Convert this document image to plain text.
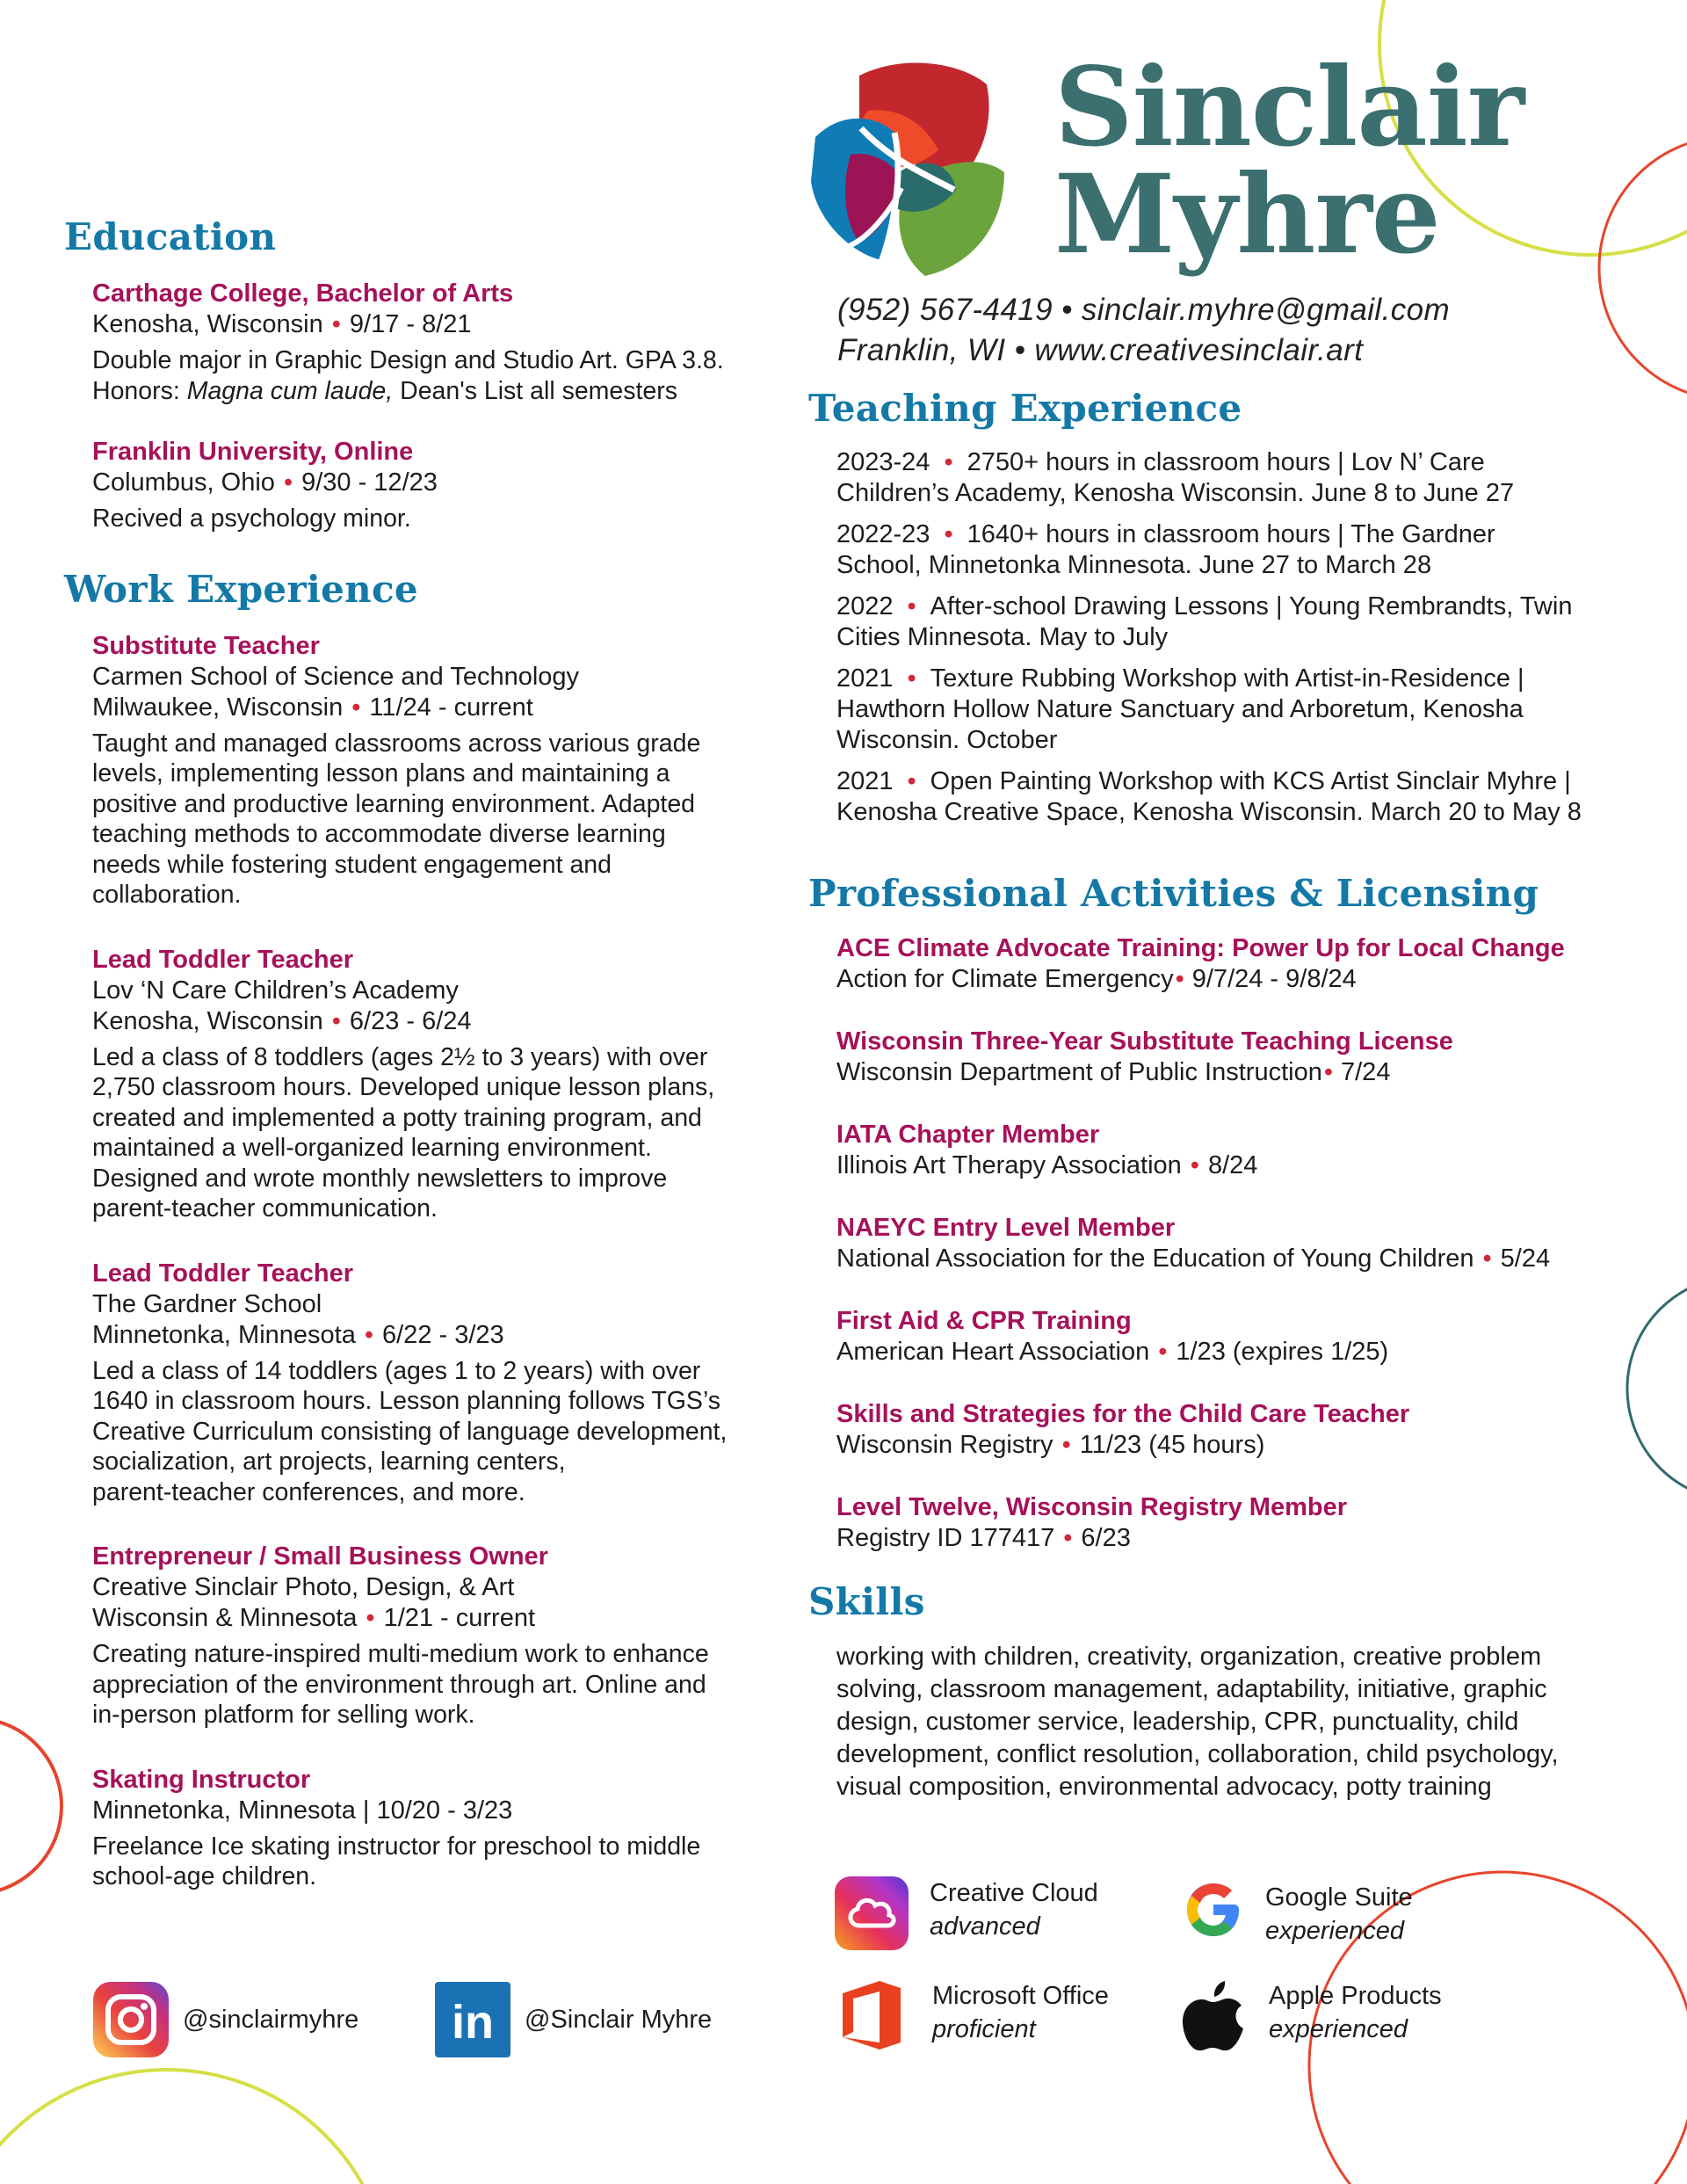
Sinclair
Myhre
(952) 567-4419 • sinclair.myhre@gmail.com
Franklin, WI • www.creativesinclair.art
Education
Carthage College, Bachelor of Arts
Kenosha, Wisconsin • 9/17 - 8/21
Double major in Graphic Design and Studio Art. GPA 3.8.
Honors: Magna cum laude, Dean's List all semesters
Franklin University, Online
Columbus, Ohio • 9/30 - 12/23
Recived a psychology minor.
Work Experience
Substitute Teacher
Carmen School of Science and Technology
Milwaukee, Wisconsin • 11/24 - current
Taught and managed classrooms across various grade
levels, implementing lesson plans and maintaining a
positive and productive learning environment. Adapted
teaching methods to accommodate diverse learning
needs while fostering student engagement and
collaboration.
Lead Toddler Teacher
Lov ‘N Care Children’s Academy
Kenosha, Wisconsin • 6/23 - 6/24
Led a class of 8 toddlers (ages 2½ to 3 years) with over
2,750 classroom hours. Developed unique lesson plans,
created and implemented a potty training program, and
maintained a well-organized learning environment.
Designed and wrote monthly newsletters to improve
parent-teacher communication.
Lead Toddler Teacher
The Gardner School
Minnetonka, Minnesota • 6/22 - 3/23
Led a class of 14 toddlers (ages 1 to 2 years) with over
1640 in classroom hours. Lesson planning follows TGS’s
Creative Curriculum consisting of language development,
socialization, art projects, learning centers,
parent-teacher conferences, and more.
Entrepreneur / Small Business Owner
Creative Sinclair Photo, Design, & Art
Wisconsin & Minnesota • 1/21 - current
Creating nature-inspired multi-medium work to enhance
appreciation of the environment through art. Online and
in-person platform for selling work.
Skating Instructor
Minnetonka, Minnesota | 10/20 - 3/23
Freelance Ice skating instructor for preschool to middle
school-age children.
@sinclairmyhre in @Sinclair Myhre
Teaching Experience
2023-24 • 2750+ hours in classroom hours | Lov N’ Care
Children’s Academy, Kenosha Wisconsin. June 8 to June 27
2022-23 • 1640+ hours in classroom hours | The Gardner
School, Minnetonka Minnesota. June 27 to March 28
2022 • After-school Drawing Lessons | Young Rembrandts, Twin
Cities Minnesota. May to July
2021 • Texture Rubbing Workshop with Artist-in-Residence |
Hawthorn Hollow Nature Sanctuary and Arboretum, Kenosha
Wisconsin. October
2021 • Open Painting Workshop with KCS Artist Sinclair Myhre |
Kenosha Creative Space, Kenosha Wisconsin. March 20 to May 8
Professional Activities & Licensing
ACE Climate Advocate Training: Power Up for Local Change
Action for Climate Emergency• 9/7/24 - 9/8/24
Wisconsin Three-Year Substitute Teaching License
Wisconsin Department of Public Instruction• 7/24
IATA Chapter Member
Illinois Art Therapy Association • 8/24
NAEYC Entry Level Member
National Association for the Education of Young Children • 5/24
First Aid & CPR Training
American Heart Association • 1/23 (expires 1/25)
Skills and Strategies for the Child Care Teacher
Wisconsin Registry • 11/23 (45 hours)
Level Twelve, Wisconsin Registry Member
Registry ID 177417 • 6/23
Skills
working with children, creativity, organization, creative problem
solving, classroom management, adaptability, initiative, graphic
design, customer service, leadership, CPR, punctuality, child
development, conflict resolution, collaboration, child psychology,
visual composition, environmental advocacy, potty training
Creative Cloud
advanced
Google Suite
experienced
Microsoft Office
proficient
Apple Products
experienced
